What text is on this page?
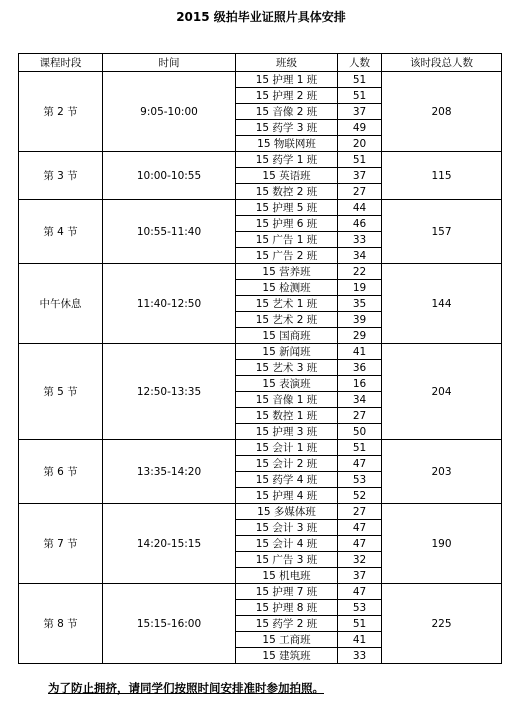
2015 级拍毕业证照片具体安排
课程时段	时间	班级	人数	该时段总人数
第 2 节	9:05-10:00	15 护理 1 班	51	208
		15 护理 2 班	51	
		15 音像 2 班	37	
		15 药学 3 班	49	
		15 物联网班	20	
第 3 节	10:00-10:55	15 药学 1 班	51	115
		15 英语班	37	
		15 数控 2 班	27	
第 4 节	10:55-11:40	15 护理 5 班	44	157
		15 护理 6 班	46	
		15 广告 1 班	33	
		15 广告 2 班	34	
中午休息	11:40-12:50	15 营养班	22	144
		15 检测班	19	
		15 艺术 1 班	35	
		15 艺术 2 班	39	
		15 国商班	29	
第 5 节	12:50-13:35	15 新闻班	41	204
		15 艺术 3 班	36	
		15 表演班	16	
		15 音像 1 班	34	
		15 数控 1 班	27	
		15 护理 3 班	50	
第 6 节	13:35-14:20	15 会计 1 班	51	203
		15 会计 2 班	47	
		15 药学 4 班	53	
		15 护理 4 班	52	
第 7 节	14:20-15:15	15 多媒体班	27	190
		15 会计 3 班	47	
		15 会计 4 班	47	
		15 广告 3 班	32	
		15 机电班	37	
第 8 节	15:15-16:00	15 护理 7 班	47	225
		15 护理 8 班	53	
		15 药学 2 班	51	
		15 工商班	41	
		15 建筑班	33	
为了防止拥挤，请同学们按照时间安排准时参加拍照。
